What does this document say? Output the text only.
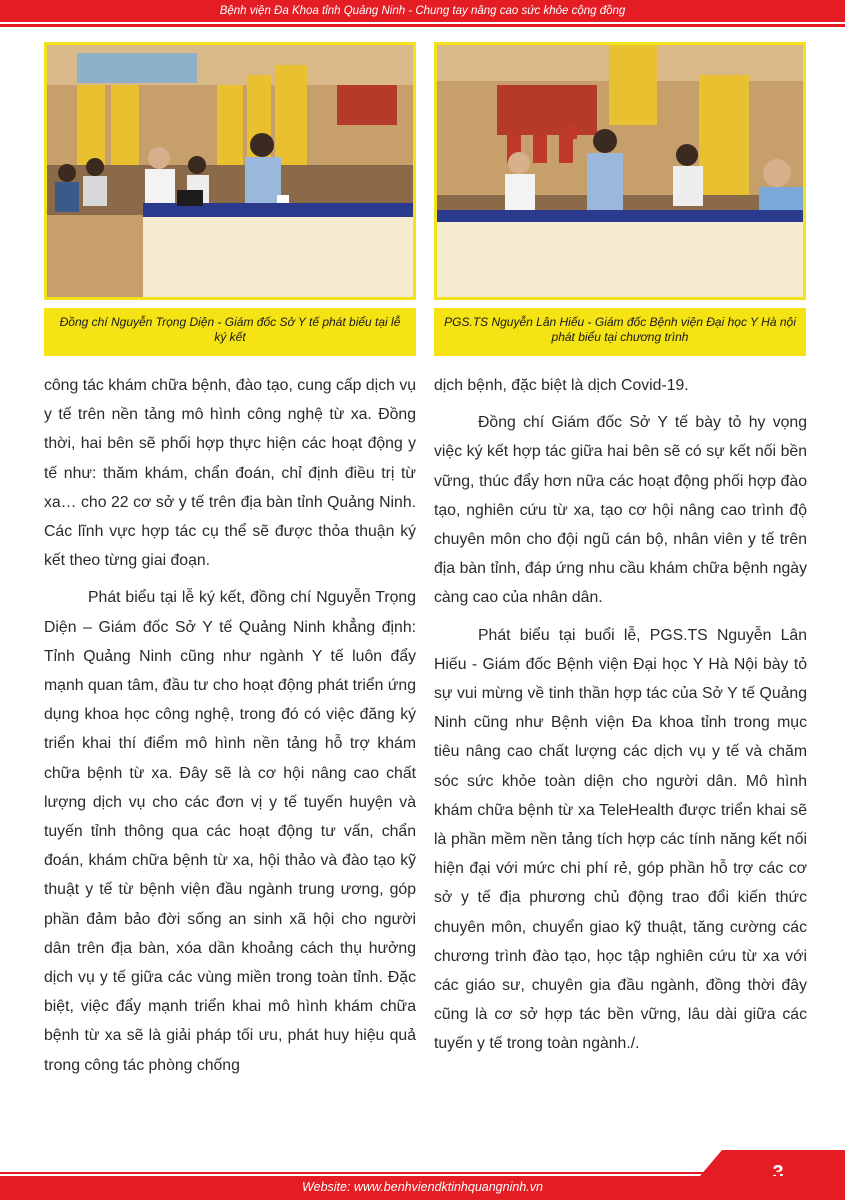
Bệnh viện Đa Khoa tỉnh Quảng Ninh - Chung tay nâng cao sức khỏe cộng đồng
Đồng chí Nguyễn Trọng Diện - Giám đốc Sở Y tế phát biểu tại lễ ký kết
PGS.TS Nguyễn Lân Hiếu - Giám đốc Bệnh viện Đại học Y Hà nội phát biểu tại chương trình

công tác khám chữa bệnh, đào tạo, cung cấp dịch vụ y tế trên nền tảng mô hình công nghệ từ xa. Đồng thời, hai bên sẽ phối hợp thực hiện các hoạt động y tế như: thăm khám, chẩn đoán, chỉ định điều trị từ xa… cho 22 cơ sở y tế trên địa bàn tỉnh Quảng Ninh. Các lĩnh vực hợp tác cụ thể sẽ được thỏa thuận ký kết theo từng giai đoạn.

Phát biểu tại lễ ký kết, đồng chí Nguyễn Trọng Diện – Giám đốc Sở Y tế Quảng Ninh khẳng định: Tỉnh Quảng Ninh cũng như ngành Y tế luôn đẩy mạnh quan tâm, đầu tư cho hoạt động phát triển ứng dụng khoa học công nghệ, trong đó có việc đăng ký triển khai thí điểm mô hình nền tảng hỗ trợ khám chữa bệnh từ xa. Đây sẽ là cơ hội nâng cao chất lượng dịch vụ cho các đơn vị y tế tuyến huyện và tuyến tỉnh thông qua các hoạt động tư vấn, chẩn đoán, khám chữa bệnh từ xa, hội thảo và đào tạo kỹ thuật y tế từ bệnh viện đầu ngành trung ương, góp phần đảm bảo đời sống an sinh xã hội cho người dân trên địa bàn, xóa dần khoảng cách thụ hưởng dịch vụ y tế giữa các vùng miền trong toàn tỉnh. Đặc biệt, việc đẩy mạnh triển khai mô hình khám chữa bệnh từ xa sẽ là giải pháp tối ưu, phát huy hiệu quả trong công tác phòng chống

dịch bệnh, đặc biệt là dịch Covid-19.

Đồng chí Giám đốc Sở Y tế bày tỏ hy vọng việc ký kết hợp tác giữa hai bên sẽ có sự kết nối bền vững, thúc đẩy hơn nữa các hoạt động phối hợp đào tạo, nghiên cứu từ xa, tạo cơ hội nâng cao trình độ chuyên môn cho đội ngũ cán bộ, nhân viên y tế trên địa bàn tỉnh, đáp ứng nhu cầu khám chữa bệnh ngày càng cao của nhân dân.

Phát biểu tại buổi lễ, PGS.TS Nguyễn Lân Hiếu - Giám đốc Bệnh viện Đại học Y Hà Nội bày tỏ sự vui mừng về tinh thần hợp tác của Sở Y tế Quảng Ninh cũng như Bệnh viện Đa khoa tỉnh trong mục tiêu nâng cao chất lượng các dịch vụ y tế và chăm sóc sức khỏe toàn diện cho người dân. Mô hình khám chữa bệnh từ xa TeleHealth được triển khai sẽ là phần mềm nền tảng tích hợp các tính năng kết nối hiện đại với mức chi phí rẻ, góp phần hỗ trợ các cơ sở y tế địa phương chủ động trao đổi kiến thức chuyên môn, chuyển giao kỹ thuật, tăng cường các chương trình đào tạo, học tập nghiên cứu từ xa với các giáo sư, chuyên gia đầu ngành, đồng thời đây cũng là cơ sở hợp tác bền vững, lâu dài giữa các tuyến y tế trong toàn ngành./.

Website: www.benhviendktinhquangninh.vn
